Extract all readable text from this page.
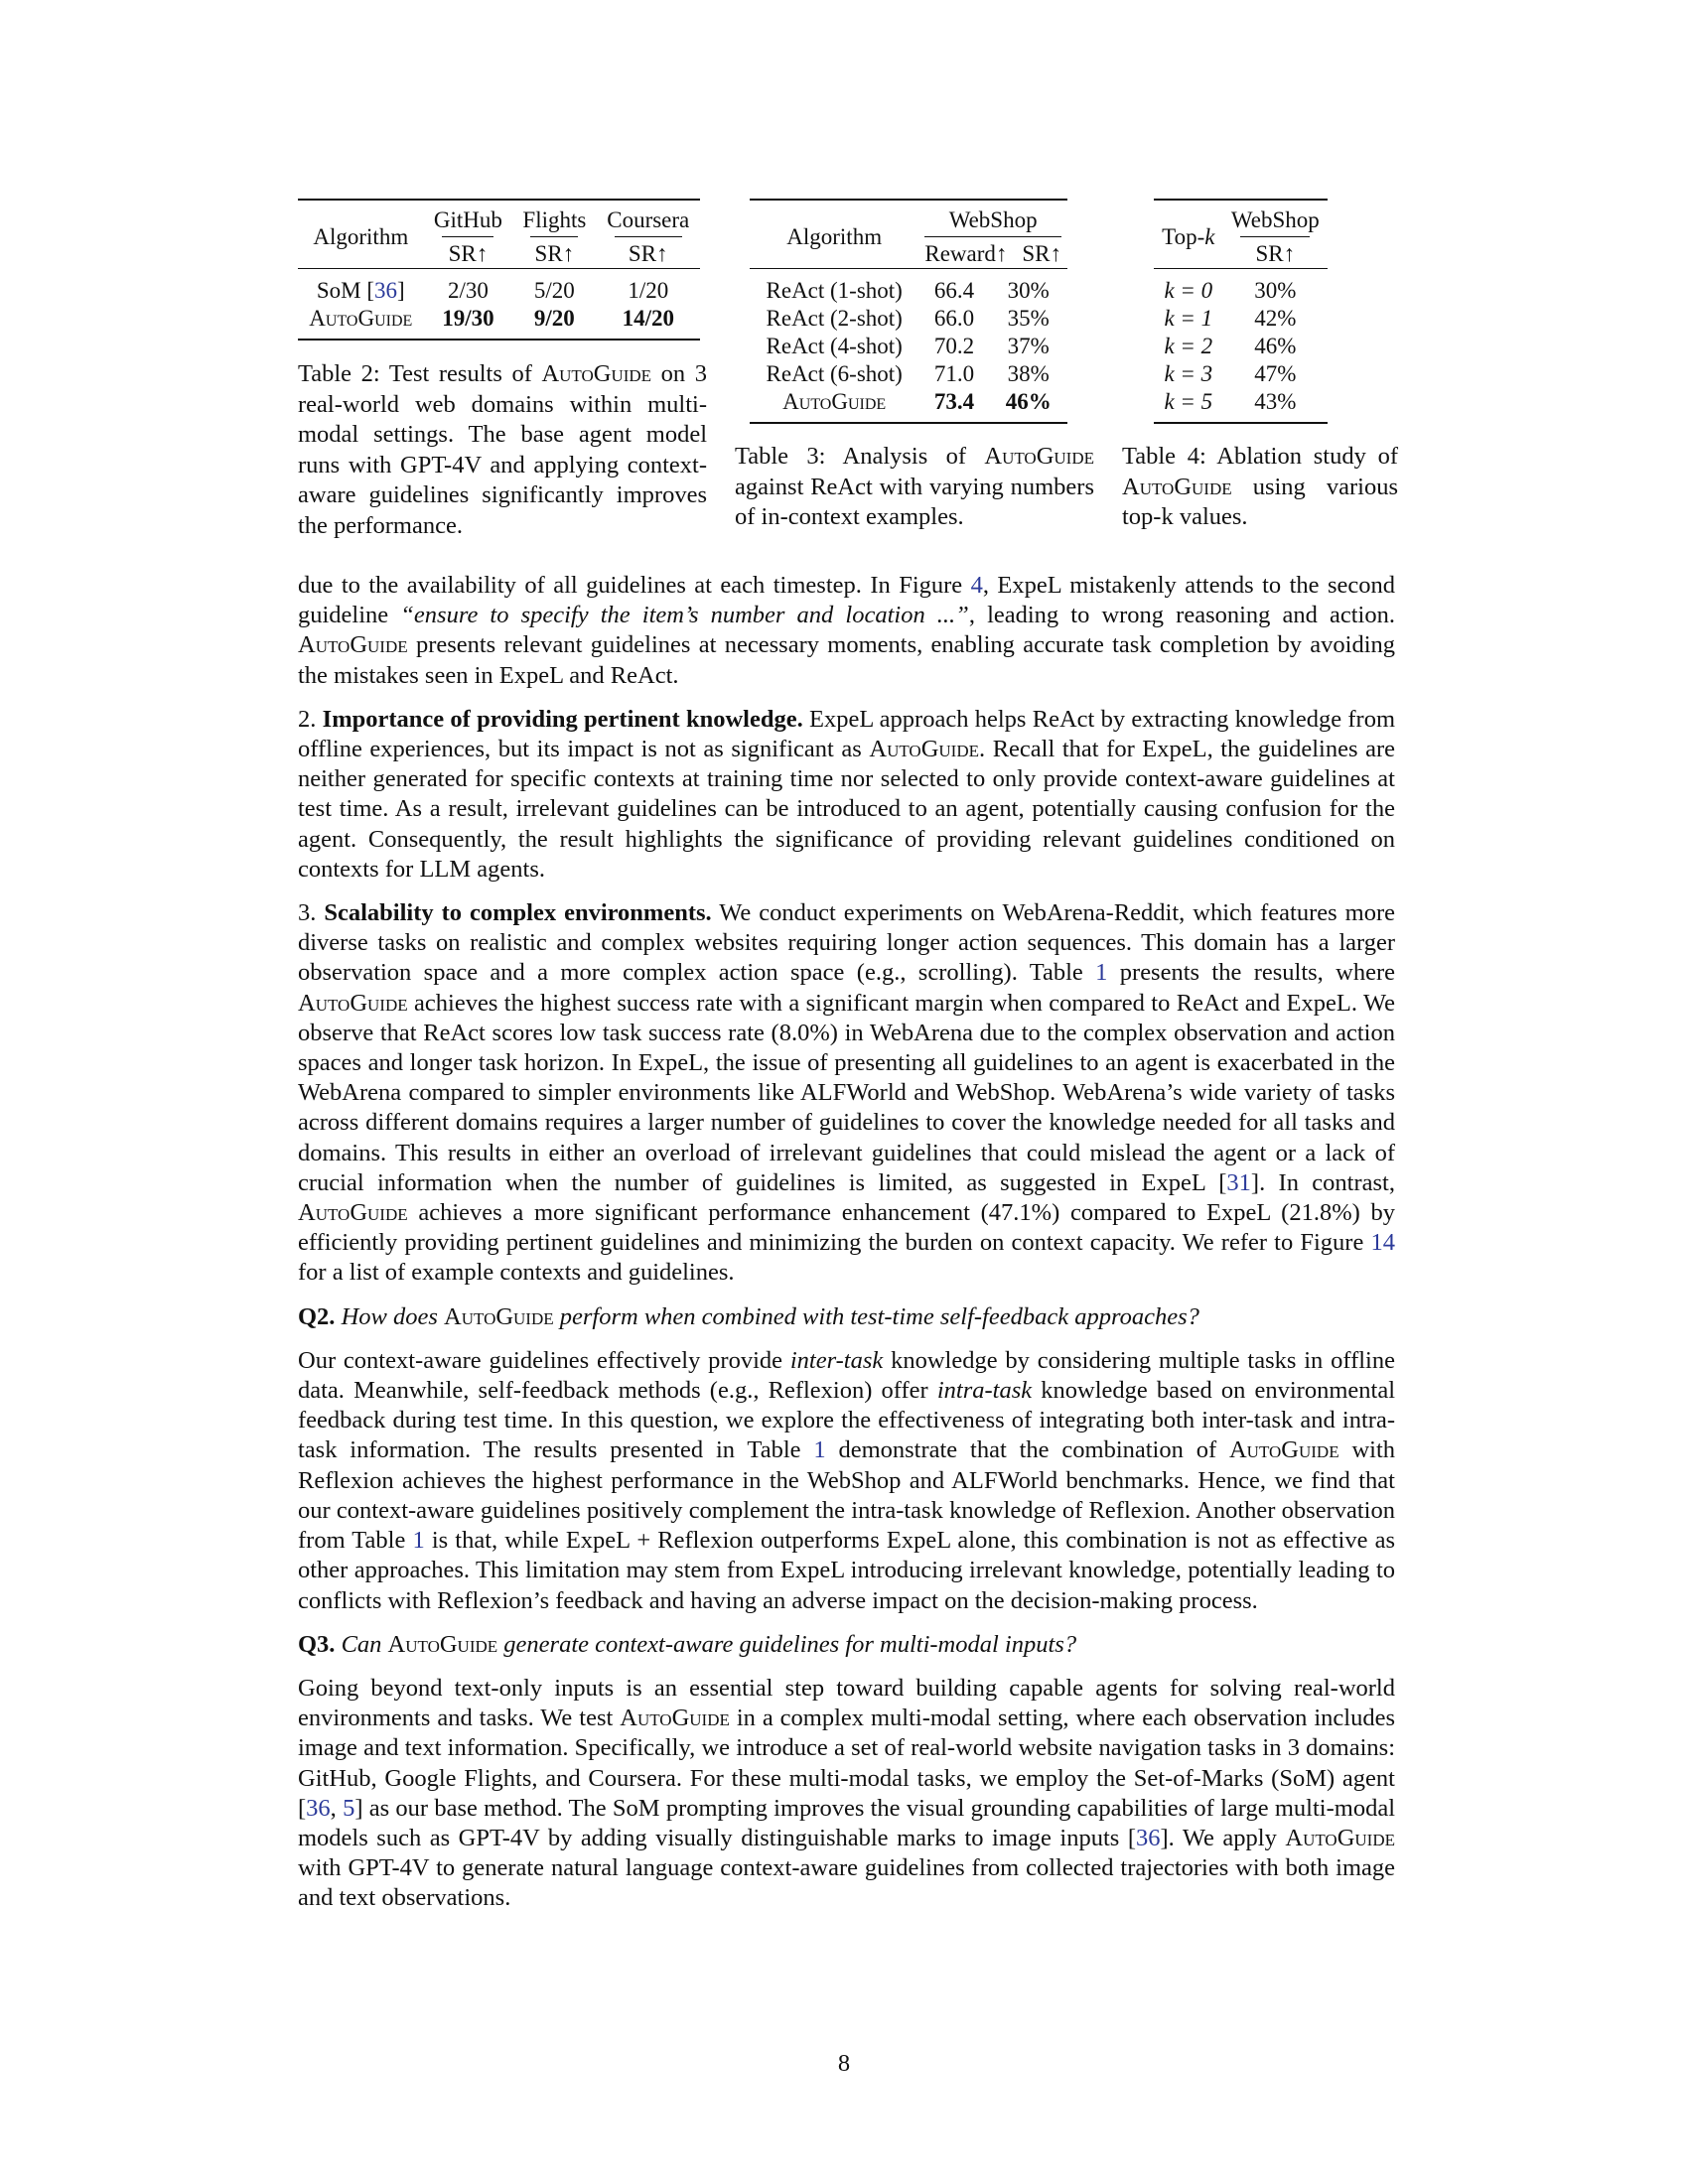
Algorithm	GitHub	Flights	Coursera
	SR↑	SR↑	SR↑
SoM [36]	2/30	5/20	1/20
AutoGuide	19/30	9/20	14/20
Table 2: Test results of AutoGuide on 3 real-world web domains within multi-modal settings. The base agent model runs with GPT-4V and applying context-aware guidelines significantly improves the performance.
Algorithm	WebShop	

	Reward↑ SR↑	

ReAct (1-shot)	66.4	30%
ReAct (2-shot)	66.0	35%
ReAct (4-shot)	70.2	37%
ReAct (6-shot)	71.0	38%
AutoGuide	73.4	46%
Table 3: Analysis of AutoGuide against ReAct with varying numbers of in-context examples.
Top-k	WebShop
	SR↑
k = 0	30%
k = 1	42%
k = 2	46%
k = 3	47%
k = 5	43%
Table 4: Ablation study of AutoGuide using various top-k values.

due to the availability of all guidelines at each timestep. In Figure 4, ExpeL mistakenly attends to the second guideline “ensure to specify the item’s number and location ...”, leading to wrong reasoning and action. AutoGuide presents relevant guidelines at necessary moments, enabling accurate task completion by avoiding the mistakes seen in ExpeL and ReAct.

2. Importance of providing pertinent knowledge. ExpeL approach helps ReAct by extracting knowledge from offline experiences, but its impact is not as significant as AutoGuide. Recall that for ExpeL, the guidelines are neither generated for specific contexts at training time nor selected to only provide context-aware guidelines at test time. As a result, irrelevant guidelines can be introduced to an agent, potentially causing confusion for the agent. Consequently, the result highlights the significance of providing relevant guidelines conditioned on contexts for LLM agents.

3. Scalability to complex environments. We conduct experiments on WebArena-Reddit, which features more diverse tasks on realistic and complex websites requiring longer action sequences. This domain has a larger observation space and a more complex action space (e.g., scrolling). Table 1 presents the results, where AutoGuide achieves the highest success rate with a significant margin when compared to ReAct and ExpeL. We observe that ReAct scores low task success rate (8.0%) in WebArena due to the complex observation and action spaces and longer task horizon. In ExpeL, the issue of presenting all guidelines to an agent is exacerbated in the WebArena compared to simpler environments like ALFWorld and WebShop. WebArena’s wide variety of tasks across different domains requires a larger number of guidelines to cover the knowledge needed for all tasks and domains. This results in either an overload of irrelevant guidelines that could mislead the agent or a lack of crucial information when the number of guidelines is limited, as suggested in ExpeL [31]. In contrast, AutoGuide achieves a more significant performance enhancement (47.1%) compared to ExpeL (21.8%) by efficiently providing pertinent guidelines and minimizing the burden on context capacity. We refer to Figure 14 for a list of example contexts and guidelines.

Q2. How does AutoGuide perform when combined with test-time self-feedback approaches?

Our context-aware guidelines effectively provide inter-task knowledge by considering multiple tasks in offline data. Meanwhile, self-feedback methods (e.g., Reflexion) offer intra-task knowledge based on environmental feedback during test time. In this question, we explore the effectiveness of integrating both inter-task and intra-task information. The results presented in Table 1 demonstrate that the combination of AutoGuide with Reflexion achieves the highest performance in the WebShop and ALFWorld benchmarks. Hence, we find that our context-aware guidelines positively complement the intra-task knowledge of Reflexion. Another observation from Table 1 is that, while ExpeL + Reflexion outperforms ExpeL alone, this combination is not as effective as other approaches. This limitation may stem from ExpeL introducing irrelevant knowledge, potentially leading to conflicts with Reflexion’s feedback and having an adverse impact on the decision-making process.

Q3. Can AutoGuide generate context-aware guidelines for multi-modal inputs?

Going beyond text-only inputs is an essential step toward building capable agents for solving real-world environments and tasks. We test AutoGuide in a complex multi-modal setting, where each observation includes image and text information. Specifically, we introduce a set of real-world website navigation tasks in 3 domains: GitHub, Google Flights, and Coursera. For these multi-modal tasks, we employ the Set-of-Marks (SoM) agent [36, 5] as our base method. The SoM prompting improves the visual grounding capabilities of large multi-modal models such as GPT-4V by adding visually distinguishable marks to image inputs [36]. We apply AutoGuide with GPT-4V to generate natural language context-aware guidelines from collected trajectories with both image and text observations.

8
